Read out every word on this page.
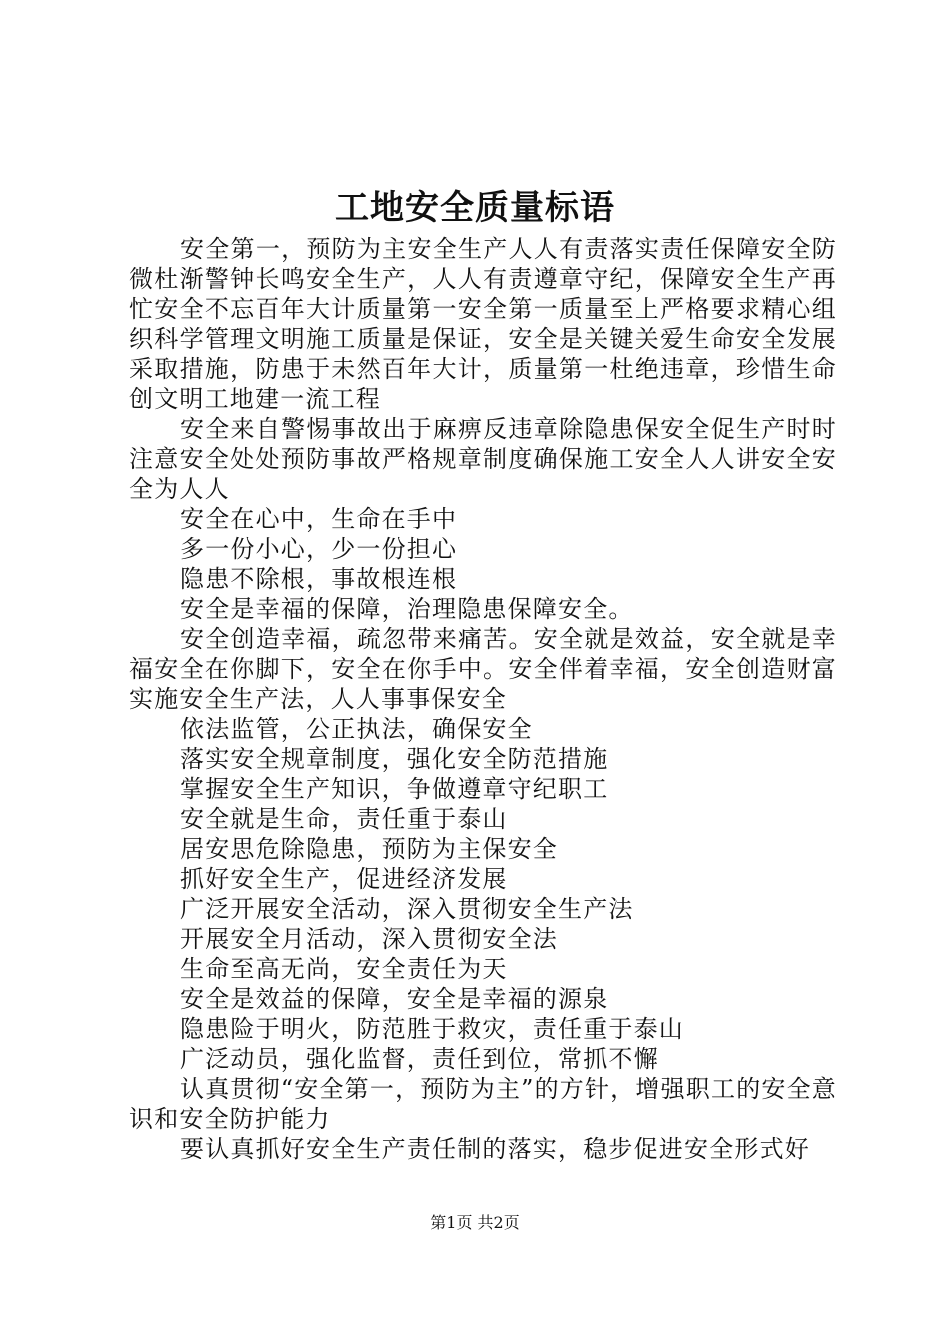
工地安全质量标语

安全第一，预防为主安全生产人人有责落实责任保障安全防微杜渐警钟长鸣安全生产，人人有责遵章守纪，保障安全生产再忙安全不忘百年大计质量第一安全第一质量至上严格要求精心组织科学管理文明施工质量是保证，安全是关键关爱生命安全发展采取措施，防患于未然百年大计，质量第一杜绝违章，珍惜生命创文明工地建一流工程

安全来自警惕事故出于麻痹反违章除隐患保安全促生产时时注意安全处处预防事故严格规章制度确保施工安全人人讲安全安全为人人

安全在心中，生命在手中

多一份小心，少一份担心

隐患不除根，事故根连根

安全是幸福的保障，治理隐患保障安全。

安全创造幸福，疏忽带来痛苦。安全就是效益，安全就是幸福安全在你脚下，安全在你手中。安全伴着幸福，安全创造财富实施安全生产法，人人事事保安全

依法监管，公正执法，确保安全

落实安全规章制度，强化安全防范措施

掌握安全生产知识，争做遵章守纪职工

安全就是生命，责任重于泰山

居安思危除隐患，预防为主保安全

抓好安全生产，促进经济发展

广泛开展安全活动，深入贯彻安全生产法

开展安全月活动，深入贯彻安全法

生命至高无尚，安全责任为天

安全是效益的保障，安全是幸福的源泉

隐患险于明火，防范胜于救灾，责任重于泰山

广泛动员，强化监督，责任到位，常抓不懈

认真贯彻“安全第一，预防为主”的方针，增强职工的安全意识和安全防护能力

要认真抓好安全生产责任制的落实，稳步促进安全形式好

第1页 共2页
